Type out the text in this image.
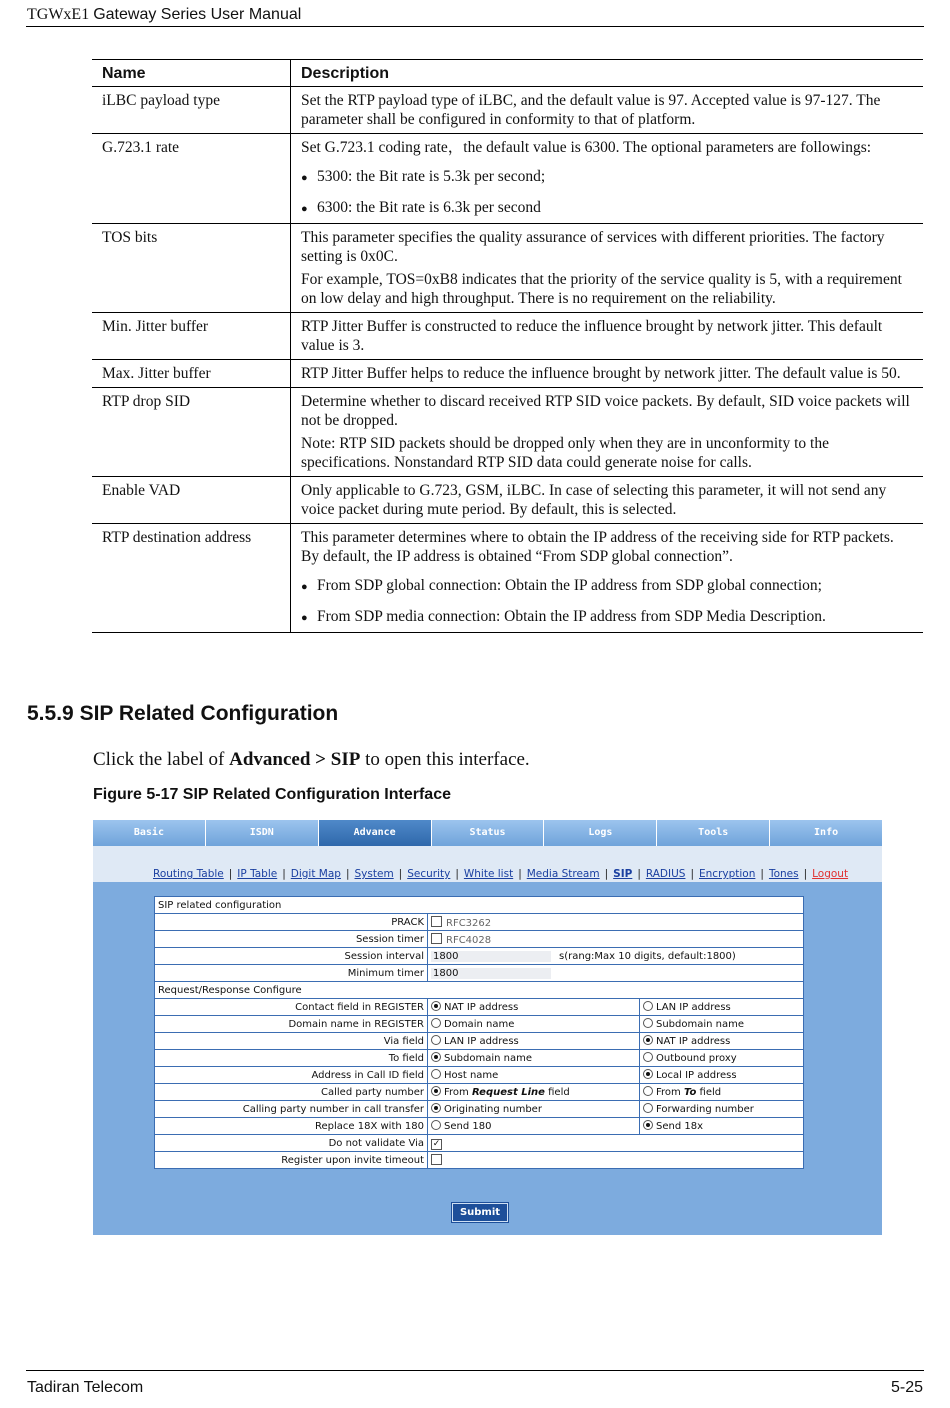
TGWxE1 Gateway Series User Manual
Name	Description
iLBC payload type	Set the RTP payload type of iLBC, and the default value is 97. Accepted value is 97-127. The parameter shall be configured in conformity to that of platform.
G.723.1 rate	Set G.723.1 coding rate，the default value is 6300. The optional parameters are followings:
● 5300: the Bit rate is 5.3k per second;
● 6300: the Bit rate is 6.3k per second

TOS bits	This parameter specifies the quality assurance of services with different priorities. The factory setting is 0x0C.
For example, TOS=0xB8 indicates that the priority of the service quality is 5, with a requirement on low delay and high throughput. There is no requirement on the reliability.

Min. Jitter buffer	RTP Jitter Buffer is constructed to reduce the influence brought by network jitter. This default value is 3.
Max. Jitter buffer	RTP Jitter Buffer helps to reduce the influence brought by network jitter. The default value is 50.
RTP drop SID	Determine whether to discard received RTP SID voice packets. By default, SID voice packets will not be dropped.
Note: RTP SID packets should be dropped only when they are in unconformity to the specifications. Nonstandard RTP SID data could generate noise for calls.

Enable VAD	Only applicable to G.723, GSM, iLBC. In case of selecting this parameter, it will not send any voice packet during mute period. By default, this is selected.
RTP destination address	This parameter determines where to obtain the IP address of the receiving side for RTP packets. By default, the IP address is obtained “From SDP global connection”.
● From SDP global connection: Obtain the IP address from SDP global connection;
● From SDP media connection: Obtain the IP address from SDP Media Description.
5.5.9 SIP Related Configuration
Click the label of Advanced > SIP to open this interface.
Figure 5-17 SIP Related Configuration Interface
Basic	ISDN	Advance	Status	Logs	Tools	Info
Routing Table | IP Table | Digit Map | System | Security | White list | Media Stream | SIP | RADIUS | Encryption | Tones | Logout
SIP related configuration		
PRACK	RFC3262	
Session timer	RFC4028	
Session interval	1800 s(rang:Max 10 digits, default:1800)	
Minimum timer	1800	
Request/Response Configure		
Contact field in REGISTER	NAT IP address	LAN IP address
Domain name in REGISTER	Domain name	Subdomain name
Via field	LAN IP address	NAT IP address
To field	Subdomain name	Outbound proxy
Address in Call ID field	Host name	Local IP address
Called party number	From Request Line field	From To field
Calling party number in call transfer	Originating number	Forwarding number
Replace 18X with 180	Send 180	Send 18x
Do not validate Via	✓	
Register upon invite timeout		
Submit
Tadiran Telecom	5-25
